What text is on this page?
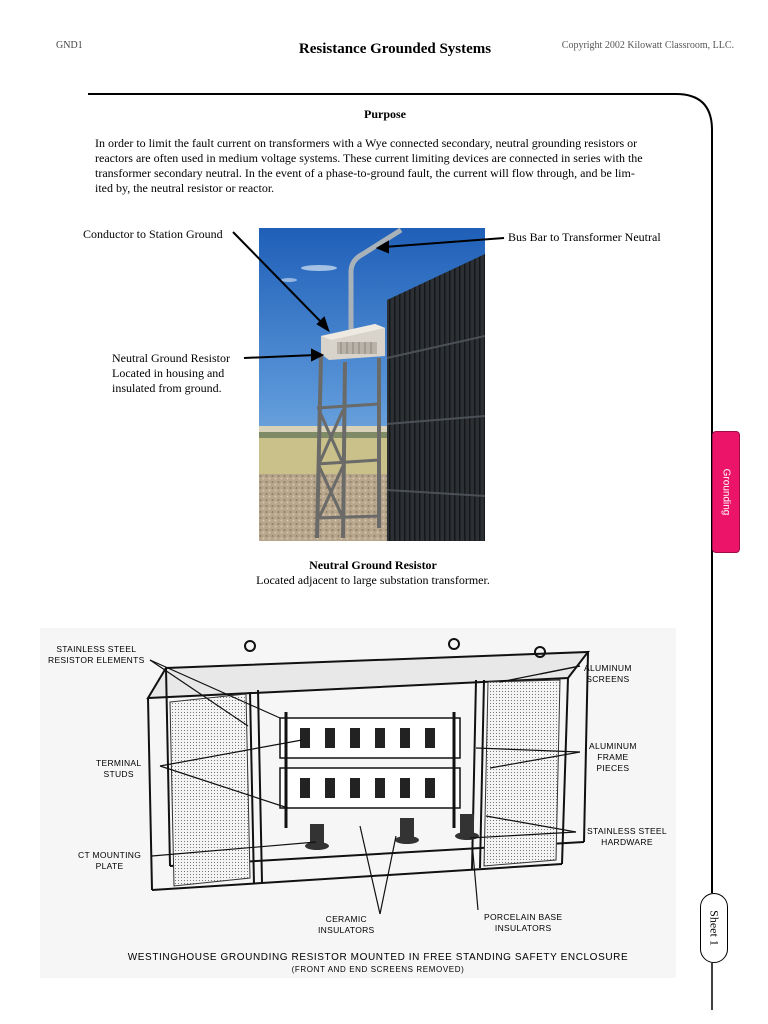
GND1	Resistance Grounded Systems	Copyright 2002 Kilowatt Classroom, LLC.
Purpose
In order to limit the fault current on transformers with a Wye connected secondary, neutral grounding resistors or
reactors are often used in medium voltage systems. These current limiting devices are connected in series with the
transformer secondary neutral. In the event of a phase-to-ground fault, the current will flow through, and be lim-
ited by, the neutral resistor or reactor.
Conductor to Station Ground	Bus Bar to Transformer Neutral
Neutral Ground Resistor
Located in housing and
insulated from ground.
Neutral Ground Resistor
Located adjacent to large substation transformer.
Grounding
Sheet 1
STAINLESS STEEL
RESISTOR ELEMENTS
ALUMINUM
SCREENS
TERMINAL
STUDS
ALUMINUM
FRAME
PIECES
STAINLESS STEEL
HARDWARE
CT MOUNTING
PLATE
CERAMIC
INSULATORS
PORCELAIN BASE
INSULATORS
WESTINGHOUSE GROUNDING RESISTOR MOUNTED IN FREE STANDING SAFETY ENCLOSURE
(FRONT AND END SCREENS REMOVED)
